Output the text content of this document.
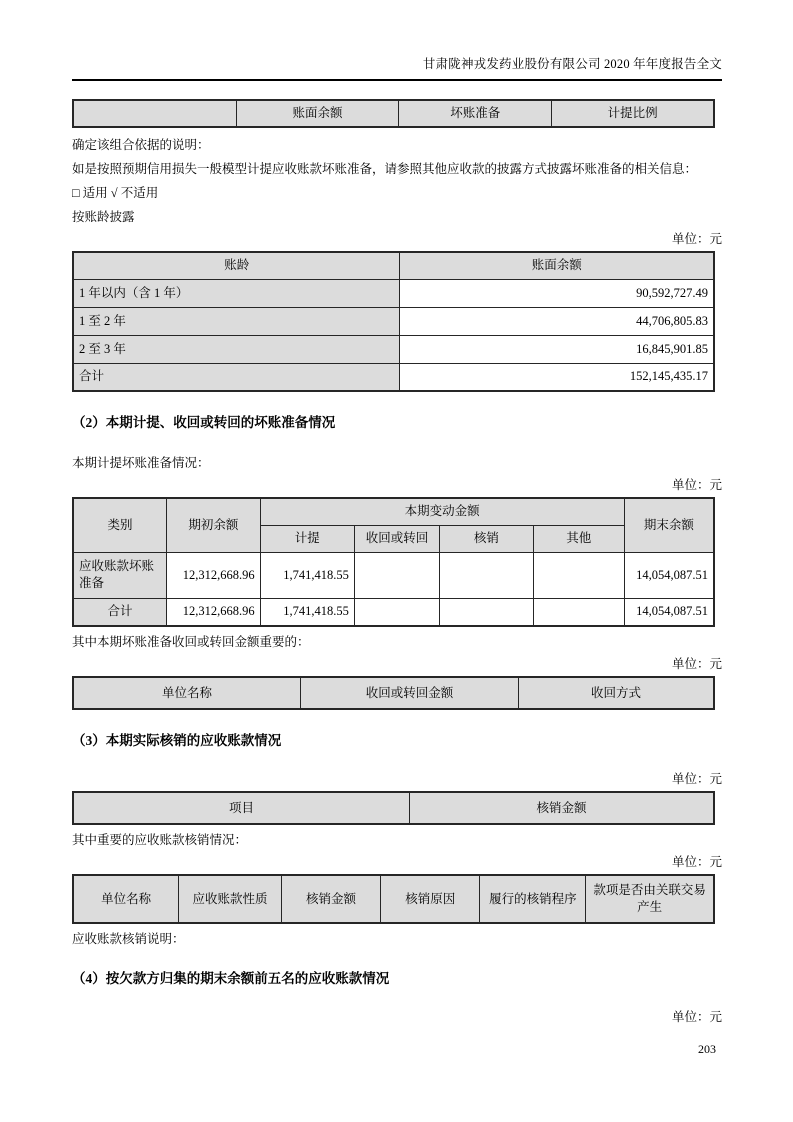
甘肃陇神戎发药业股份有限公司 2020 年年度报告全文
	账面余额	坏账准备	计提比例

确定该组合依据的说明：

如是按照预期信用损失一般模型计提应收账款坏账准备，请参照其他应收款的披露方式披露坏账准备的相关信息：

□ 适用 √ 不适用

按账龄披露

单位：元
账龄	账面余额
1 年以内（含 1 年）	90,592,727.49
1 至 2 年	44,706,805.83
2 至 3 年	16,845,901.85
合计	152,145,435.17
（2）本期计提、收回或转回的坏账准备情况

本期计提坏账准备情况：

单位：元
类别	期初余额	本期变动金额				期末余额
		计提	收回或转回	核销	其他	
应收账款坏账准备	12,312,668.96	1,741,418.55				14,054,087.51
合计	12,312,668.96	1,741,418.55				14,054,087.51

其中本期坏账准备收回或转回金额重要的：

单位：元
单位名称	收回或转回金额	收回方式
（3）本期实际核销的应收账款情况
单位：元
项目	核销金额

其中重要的应收账款核销情况：

单位：元
单位名称	应收账款性质	核销金额	核销原因	履行的核销程序	款项是否由关联交易产生

应收账款核销说明：

（4）按欠款方归集的期末余额前五名的应收账款情况
单位：元
203
